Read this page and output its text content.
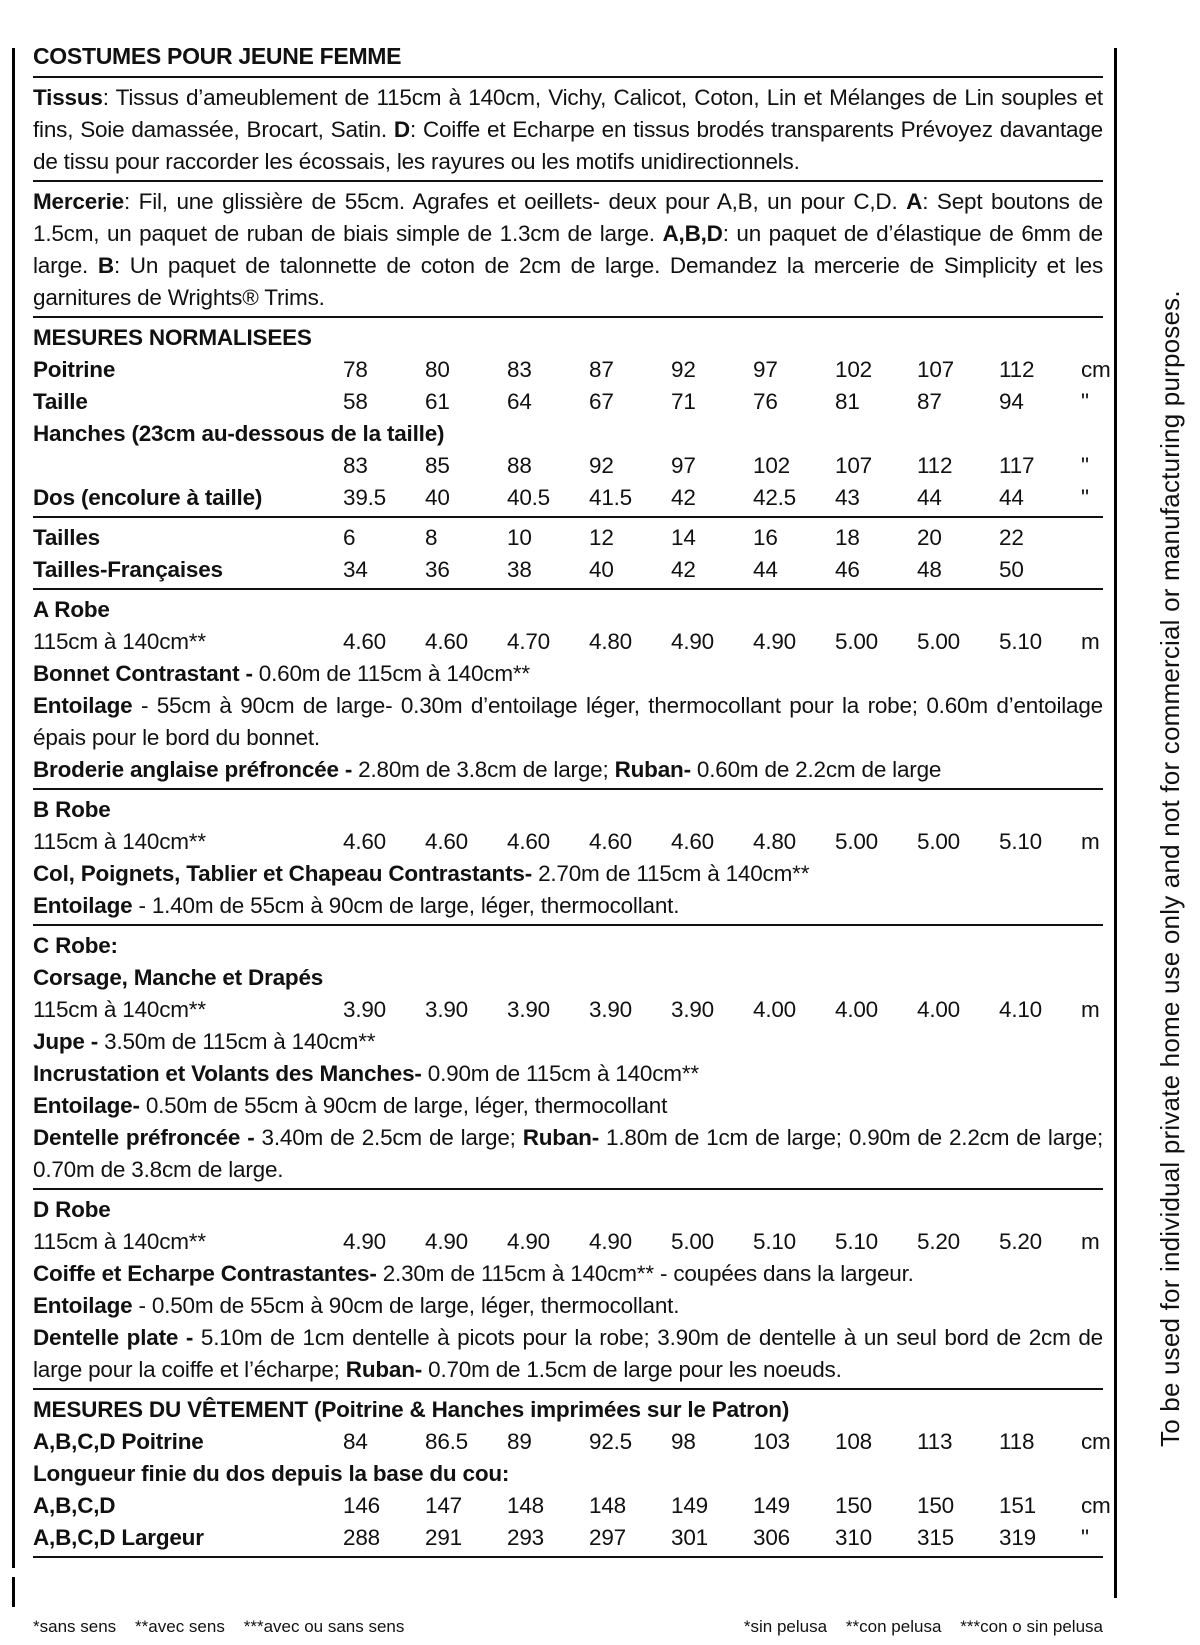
COSTUMES POUR JEUNE FEMME
Tissus: Tissus d’ameublement de 115cm à 140cm, Vichy, Calicot, Coton, Lin et Mélanges de Lin souples et fins, Soie damassée, Brocart, Satin. D: Coiffe et Echarpe en tissus brodés transparents Prévoyez davantage de tissu pour raccorder les écossais, les rayures ou les motifs unidirectionnels.
Mercerie: Fil, une glissière de 55cm. Agrafes et oeillets- deux pour A,B, un pour C,D. A: Sept boutons de 1.5cm, un paquet de ruban de biais simple de 1.3cm de large. A,B,D: un paquet de d’élastique de 6mm de large. B: Un paquet de talonnette de coton de 2cm de large. Demandez la mercerie de Simplicity et les garnitures de Wrights® Trims.
MESURES NORMALISEES
Poitrine	78	80	83	87	92	97	102	107	112	cm
Taille	58	61	64	67	71	76	81	87	94	"
Hanches (23cm au-dessous de la taille)
83	85	88	92	97	102	107	112	117	"
Dos (encolure à taille)	39.5	40	40.5	41.5	42	42.5	43	44	44	"
Tailles	6	8	10	12	14	16	18	20	22
Tailles-Françaises	34	36	38	40	42	44	46	48	50
A Robe
115cm à 140cm**	4.60	4.60	4.70	4.80	4.90	4.90	5.00	5.00	5.10	m
Bonnet Contrastant - 0.60m de 115cm à 140cm**
Entoilage - 55cm à 90cm de large- 0.30m d’entoilage léger, thermocollant pour la robe; 0.60m d’entoilage épais pour le bord du bonnet.
Broderie anglaise préfroncée - 2.80m de 3.8cm de large; Ruban- 0.60m de 2.2cm de large
B Robe
115cm à 140cm**	4.60	4.60	4.60	4.60	4.60	4.80	5.00	5.00	5.10	m
Col, Poignets, Tablier et Chapeau Contrastants- 2.70m de 115cm à 140cm**
Entoilage - 1.40m de 55cm à 90cm de large, léger, thermocollant.
C Robe:
Corsage, Manche et Drapés
115cm à 140cm**	3.90	3.90	3.90	3.90	3.90	4.00	4.00	4.00	4.10	m
Jupe - 3.50m de 115cm à 140cm**
Incrustation et Volants des Manches- 0.90m de 115cm à 140cm**
Entoilage- 0.50m de 55cm à 90cm de large, léger, thermocollant
Dentelle préfroncée - 3.40m de 2.5cm de large; Ruban- 1.80m de 1cm de large; 0.90m de 2.2cm de large; 0.70m de 3.8cm de large.
D Robe
115cm à 140cm**	4.90	4.90	4.90	4.90	5.00	5.10	5.10	5.20	5.20	m
Coiffe et Echarpe Contrastantes- 2.30m de 115cm à 140cm** - coupées dans la largeur.
Entoilage - 0.50m de 55cm à 90cm de large, léger, thermocollant.
Dentelle plate - 5.10m de 1cm dentelle à picots pour la robe; 3.90m de dentelle à un seul bord de 2cm de large pour la coiffe et l’écharpe; Ruban- 0.70m de 1.5cm de large pour les noeuds.
MESURES DU VÊTEMENT (Poitrine & Hanches imprimées sur le Patron)
A,B,C,D Poitrine	84	86.5	89	92.5	98	103	108	113	118	cm
Longueur finie du dos depuis la base du cou:
A,B,C,D	146	147	148	148	149	149	150	150	151	cm
A,B,C,D Largeur	288	291	293	297	301	306	310	315	319	"
*sans sens    **avec sens    ***avec ou sans sens	*sin pelusa    **con pelusa    ***con o sin pelusa
To be used for individual private home use only and not for commercial or manufacturing purposes.
